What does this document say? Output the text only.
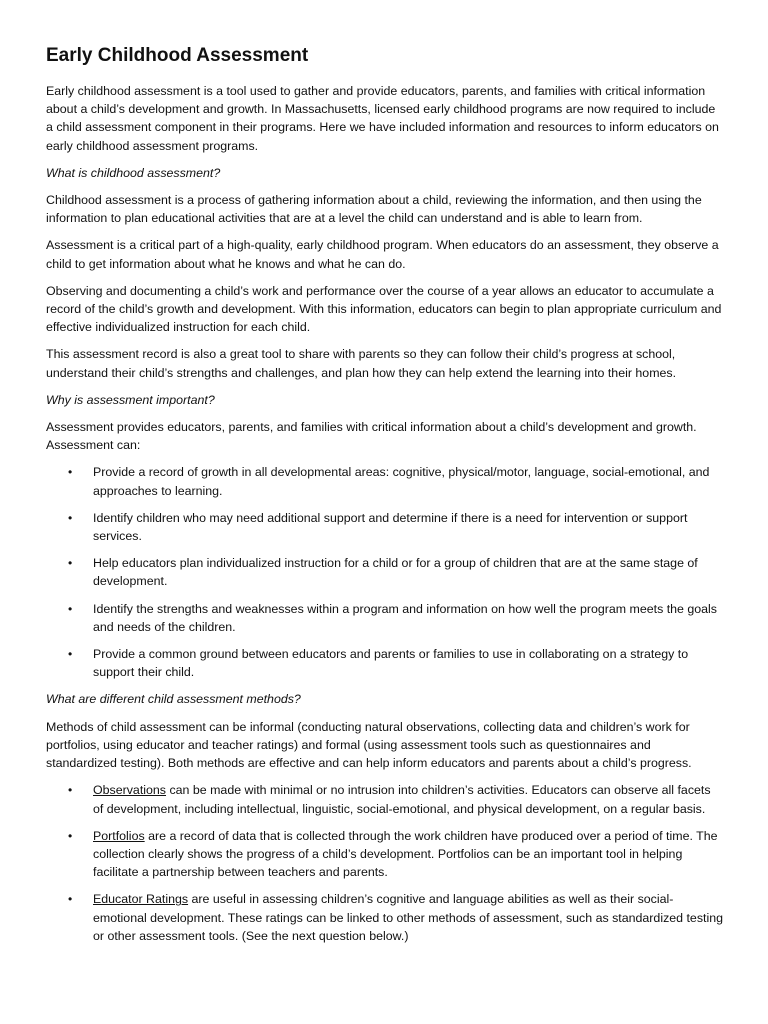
Early Childhood Assessment

Early childhood assessment is a tool used to gather and provide educators, parents, and families with critical information about a child’s development and growth. In Massachusetts, licensed early childhood programs are now required to include a child assessment component in their programs. Here we have included information and resources to inform educators on early childhood assessment programs.

What is childhood assessment?

Childhood assessment is a process of gathering information about a child, reviewing the information, and then using the information to plan educational activities that are at a level the child can understand and is able to learn from.

Assessment is a critical part of a high-quality, early childhood program. When educators do an assessment, they observe a child to get information about what he knows and what he can do.

Observing and documenting a child’s work and performance over the course of a year allows an educator to accumulate a record of the child’s growth and development. With this information, educators can begin to plan appropriate curriculum and effective individualized instruction for each child.

This assessment record is also a great tool to share with parents so they can follow their child’s progress at school, understand their child’s strengths and challenges, and plan how they can help extend the learning into their homes.

Why is assessment important?

Assessment provides educators, parents, and families with critical information about a child’s development and growth. Assessment can:

• Provide a record of growth in all developmental areas: cognitive, physical/motor, language, social-emotional, and approaches to learning.
• Identify children who may need additional support and determine if there is a need for intervention or support services.
• Help educators plan individualized instruction for a child or for a group of children that are at the same stage of development.
• Identify the strengths and weaknesses within a program and information on how well the program meets the goals and needs of the children.
• Provide a common ground between educators and parents or families to use in collaborating on a strategy to support their child.

What are different child assessment methods?

Methods of child assessment can be informal (conducting natural observations, collecting data and children’s work for portfolios, using educator and teacher ratings) and formal (using assessment tools such as questionnaires and standardized testing). Both methods are effective and can help inform educators and parents about a child’s progress.

• Observations can be made with minimal or no intrusion into children’s activities. Educators can observe all facets of development, including intellectual, linguistic, social-emotional, and physical development, on a regular basis.
• Portfolios are a record of data that is collected through the work children have produced over a period of time. The collection clearly shows the progress of a child’s development. Portfolios can be an important tool in helping facilitate a partnership between teachers and parents.
• Educator Ratings are useful in assessing children’s cognitive and language abilities as well as their social-emotional development. These ratings can be linked to other methods of assessment, such as standardized testing or other assessment tools. (See the next question below.)
